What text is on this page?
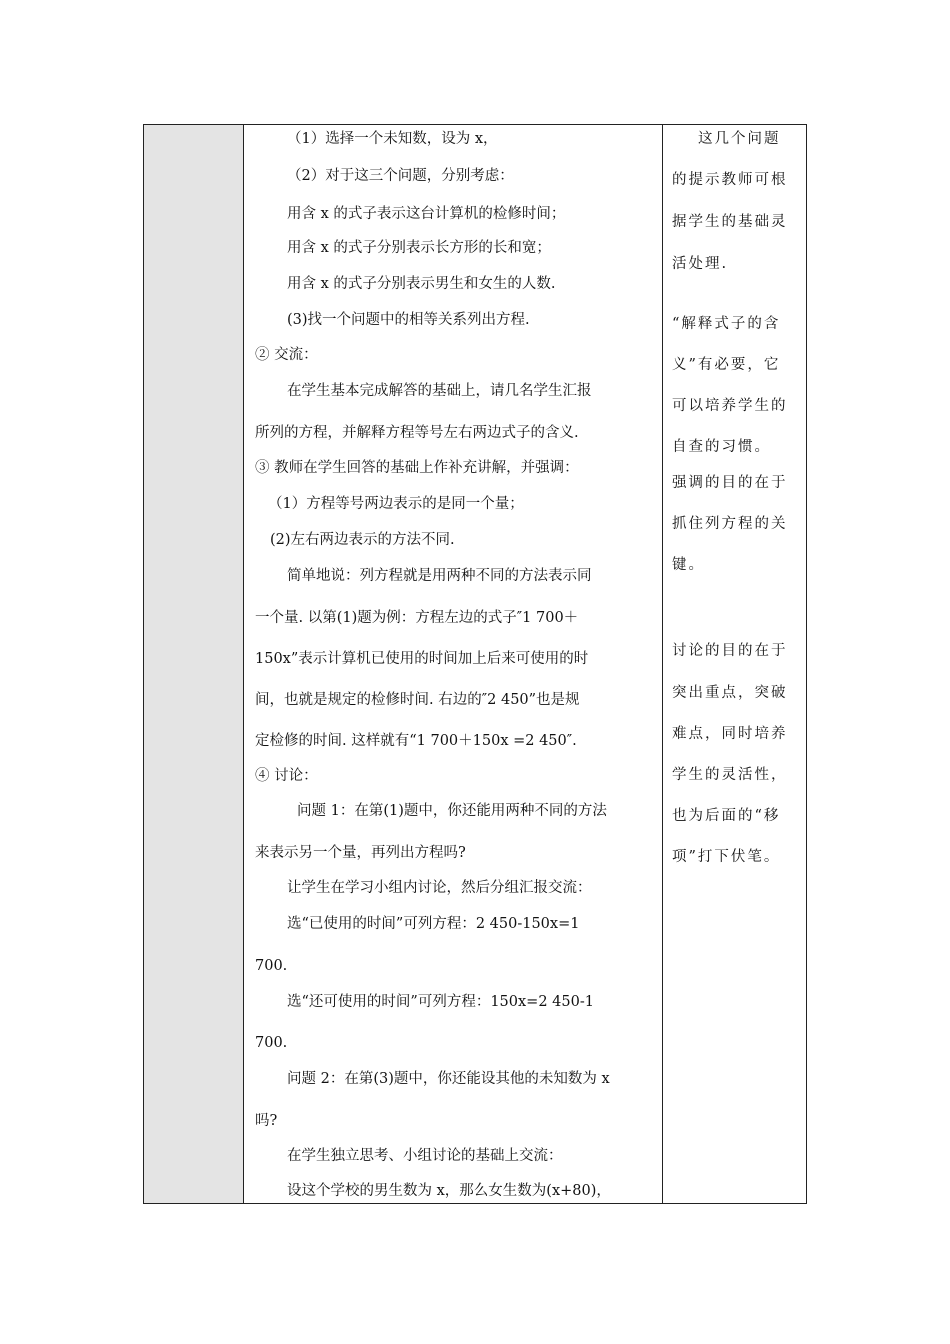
（1）选择一个未知数，设为 x，
（2）对于这三个问题，分别考虑：
用含 x 的式子表示这台计算机的检修时间；
用含 x 的式子分别表示长方形的长和宽；
用含 x 的式子分别表示男生和女生的人数.
(3)找一个问题中的相等关系列出方程.
② 交流：
在学生基本完成解答的基础上，请几名学生汇报
所列的方程，并解释方程等号左右两边式子的含义.
③ 教师在学生回答的基础上作补充讲解，并强调：
（1）方程等号两边表示的是同一个量；
(2)左右两边表示的方法不同.
简单地说：列方程就是用两种不同的方法表示同
一个量. 以第(1)题为例：方程左边的式子″1 700＋
150x”表示计算机已使用的时间加上后来可使用的时
间，也就是规定的检修时间. 右边的″2 450”也是规
定检修的时间. 这样就有“1 700＋150x =2 450″.
④ 讨论：
问题 1：在第(1)题中，你还能用两种不同的方法
来表示另一个量，再列出方程吗?
让学生在学习小组内讨论，然后分组汇报交流：
选“已使用的时间”可列方程：2 450-150x=1
700.
选“还可使用的时间”可列方程：150x=2 450-1
700.
问题 2：在第(3)题中，你还能设其他的未知数为 x
吗?
在学生独立思考、小组讨论的基础上交流：
设这个学校的男生数为 x，那么女生数为(x+80)，
这几个问题
的提示教师可根
据学生的基础灵
活处理.
“解释式子的含
义”有必要，它
可以培养学生的
自查的习惯。
强调的目的在于
抓住列方程的关
键。
讨论的目的在于
突出重点，突破
难点，同时培养
学生的灵活性，
也为后面的“移
项”打下伏笔。
